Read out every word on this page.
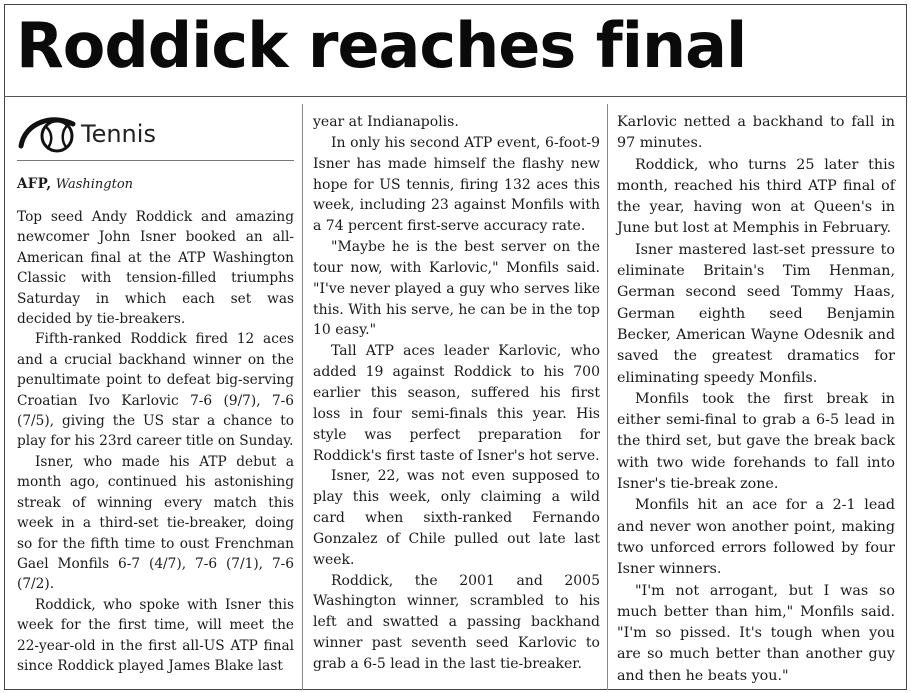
Roddick reaches final
Tennis
AFP, Washington

Top seed Andy Roddick and amazing newcomer John Isner booked an all-American final at the ATP Washington Classic with tension-filled triumphs Saturday in which each set was decided by tie-breakers.

Fifth-ranked Roddick fired 12 aces and a crucial backhand winner on the penultimate point to defeat big-serving Croatian Ivo Karlovic 7-6 (9/7), 7-6 (7/5), giving the US star a chance to play for his 23rd career title on Sunday.

Isner, who made his ATP debut a month ago, continued his astonishing streak of winning every match this week in a third-set tie-breaker, doing so for the fifth time to oust Frenchman Gael Monfils 6-7 (4/7), 7-6 (7/1), 7-6 (7/2).

Roddick, who spoke with Isner this week for the first time, will meet the 22-year-old in the first all-US ATP final since Roddick played James Blake last

year at Indianapolis.

In only his second ATP event, 6-foot-9 Isner has made himself the flashy new hope for US tennis, firing 132 aces this week, including 23 against Monfils with a 74 percent first-serve accuracy rate.

"Maybe he is the best server on the tour now, with Karlovic," Monfils said. "I've never played a guy who serves like this. With his serve, he can be in the top 10 easy."

Tall ATP aces leader Karlovic, who added 19 against Roddick to his 700 earlier this season, suffered his first loss in four semi-finals this year. His style was perfect preparation for Roddick's first taste of Isner's hot serve.

Isner, 22, was not even supposed to play this week, only claiming a wild card when sixth-ranked Fernando Gonzalez of Chile pulled out late last week.

Roddick, the 2001 and 2005 Washington winner, scrambled to his left and swatted a passing backhand winner past seventh seed Karlovic to grab a 6-5 lead in the last tie-breaker.

Karlovic netted a backhand to fall in 97 minutes.

Roddick, who turns 25 later this month, reached his third ATP final of the year, having won at Queen's in June but lost at Memphis in February.

Isner mastered last-set pressure to eliminate Britain's Tim Henman, German second seed Tommy Haas, German eighth seed Benjamin Becker, American Wayne Odesnik and saved the greatest dramatics for eliminating speedy Monfils.

Monfils took the first break in either semi-final to grab a 6-5 lead in the third set, but gave the break back with two wide forehands to fall into Isner's tie-break zone.

Monfils hit an ace for a 2-1 lead and never won another point, making two unforced errors followed by four Isner winners.

"I'm not arrogant, but I was so much better than him," Monfils said. "I'm so pissed. It's tough when you are so much better than another guy and then he beats you."
